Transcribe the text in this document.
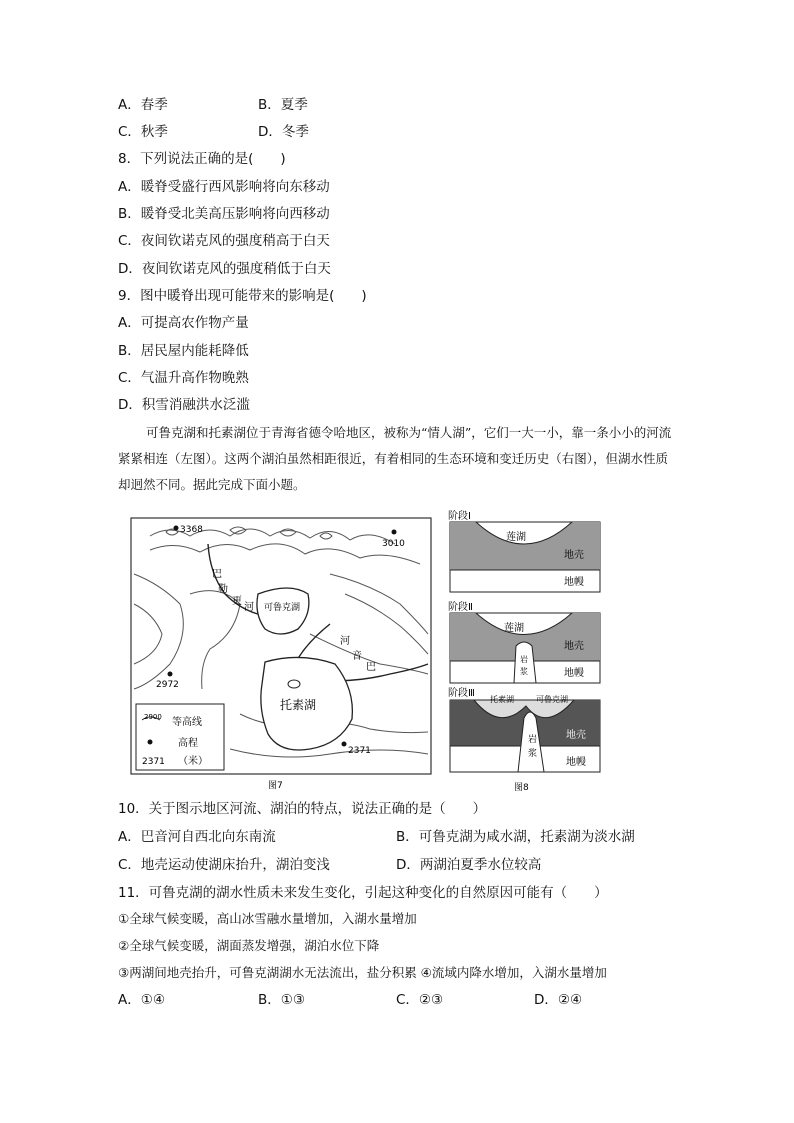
A．春季	B．夏季
C．秋季	D．冬季
8．下列说法正确的是(　　)
A．暖脊受盛行西风影响将向东移动
B．暖脊受北美高压影响将向西移动
C．夜间钦诺克风的强度稍高于白天
D．夜间钦诺克风的强度稍低于白天
9．图中暖脊出现可能带来的影响是(　　)
A．可提高农作物产量
B．居民屋内能耗降低
C．气温升高作物晚熟
D．积雪消融洪水泛滥

可鲁克湖和托素湖位于青海省德令哈地区，被称为“情人湖”，它们一大一小，靠一条小小的河流紧紧相连（左图）。这两个湖泊虽然相距很近，有着相同的生态环境和变迁历史（右图），但湖水性质却迥然不同。据此完成下面小题。

3368
3010
2972
2371
巴
勒
更
河
河
音
巴
可鲁克湖
托素湖
2900 等高线
高程
2371 （米）
图7
阶段Ⅰ
莲湖
地壳
地幔
阶段Ⅱ
莲湖
地壳
地幔
岩
浆
阶段Ⅲ
托素湖	可鲁克湖
地壳
地幔
岩
浆
图8
10．关于图示地区河流、湖泊的特点，说法正确的是（　　）
A．巴音河自西北向东南流	B．可鲁克湖为咸水湖，托素湖为淡水湖
C．地壳运动使湖床抬升，湖泊变浅	D．两湖泊夏季水位较高
11．可鲁克湖的湖水性质未来发生变化，引起这种变化的自然原因可能有（　　）
①全球气候变暖，高山冰雪融水量增加，入湖水量增加
②全球气候变暖，湖面蒸发增强，湖泊水位下降
③两湖间地壳抬升，可鲁克湖湖水无法流出，盐分积累 ④流域内降水增加，入湖水量增加
A．①④	B．①③	C．②③	D．②④
